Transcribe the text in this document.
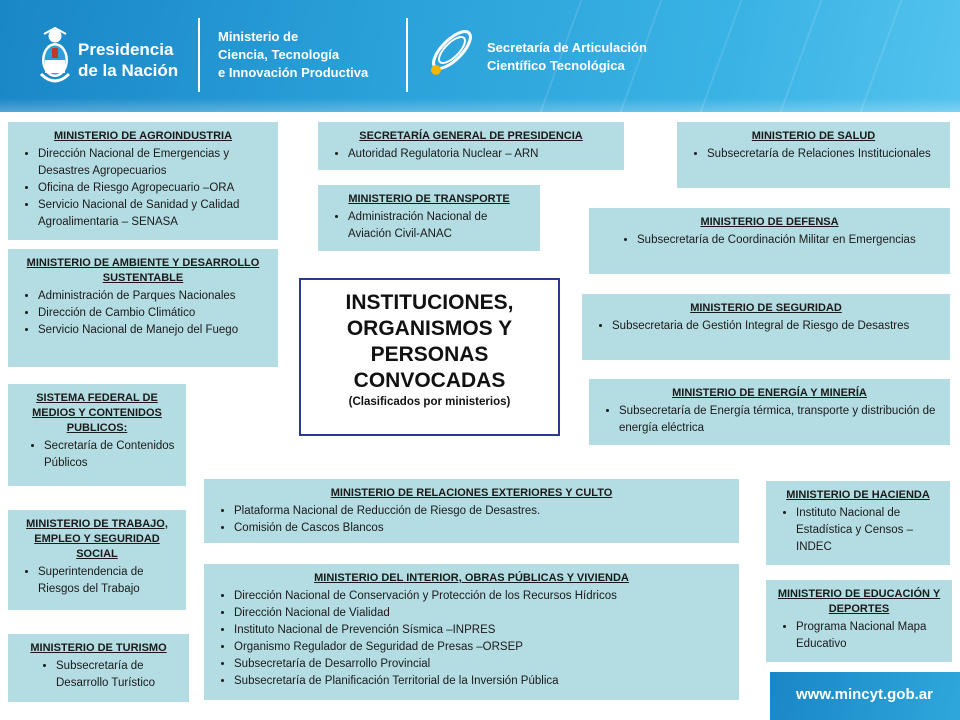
Presidencia
de la Nación
Ministerio de
Ciencia, Tecnología
e Innovación Productiva
Secretaría de Articulación
Científico Tecnológica
MINISTERIO DE AGROINDUSTRIA
• Dirección Nacional de Emergencias y Desastres Agropecuarios
• Oficina de Riesgo Agropecuario –ORA
• Servicio Nacional de Sanidad y Calidad Agroalimentaria – SENASA
MINISTERIO DE AMBIENTE Y DESARROLLO SUSTENTABLE
• Administración de Parques Nacionales
• Dirección de Cambio Climático
• Servicio Nacional de Manejo del Fuego
SISTEMA FEDERAL DE MEDIOS Y CONTENIDOS PUBLICOS:
• Secretaría de Contenidos Públicos
MINISTERIO DE TRABAJO, EMPLEO Y SEGURIDAD SOCIAL
• Superintendencia de Riesgos del Trabajo
MINISTERIO DE TURISMO
• Subsecretaría de Desarrollo Turístico
SECRETARÍA GENERAL DE PRESIDENCIA
• Autoridad Regulatoria Nuclear – ARN
MINISTERIO DE TRANSPORTE
• Administración Nacional de Aviación Civil-ANAC
INSTITUCIONES,
ORGANISMOS Y
PERSONAS
CONVOCADAS
(Clasificados por ministerios)
MINISTERIO DE RELACIONES EXTERIORES Y CULTO
• Plataforma Nacional de Reducción de Riesgo de Desastres.
• Comisión de Cascos Blancos
MINISTERIO DEL INTERIOR, OBRAS PÚBLICAS Y VIVIENDA
• Dirección Nacional de Conservación y Protección de los Recursos Hídricos
• Dirección Nacional de Vialidad
• Instituto Nacional de Prevención Sísmica –INPRES
• Organismo Regulador de Seguridad de Presas –ORSEP
• Subsecretaría de Desarrollo Provincial
• Subsecretaría de Planificación Territorial de la Inversión Pública
MINISTERIO DE SALUD
• Subsecretaría de Relaciones Institucionales
MINISTERIO DE DEFENSA
• Subsecretaría de Coordinación Militar en Emergencias
MINISTERIO DE SEGURIDAD
• Subsecretaria de Gestión Integral de Riesgo de Desastres
MINISTERIO DE ENERGÍA Y MINERÍA
• Subsecretaría de Energía térmica, transporte y distribución de energía eléctrica
MINISTERIO DE HACIENDA
• Instituto Nacional de Estadística y Censos – INDEC
MINISTERIO DE EDUCACIÓN Y DEPORTES
• Programa Nacional Mapa Educativo
www.mincyt.gob.ar
